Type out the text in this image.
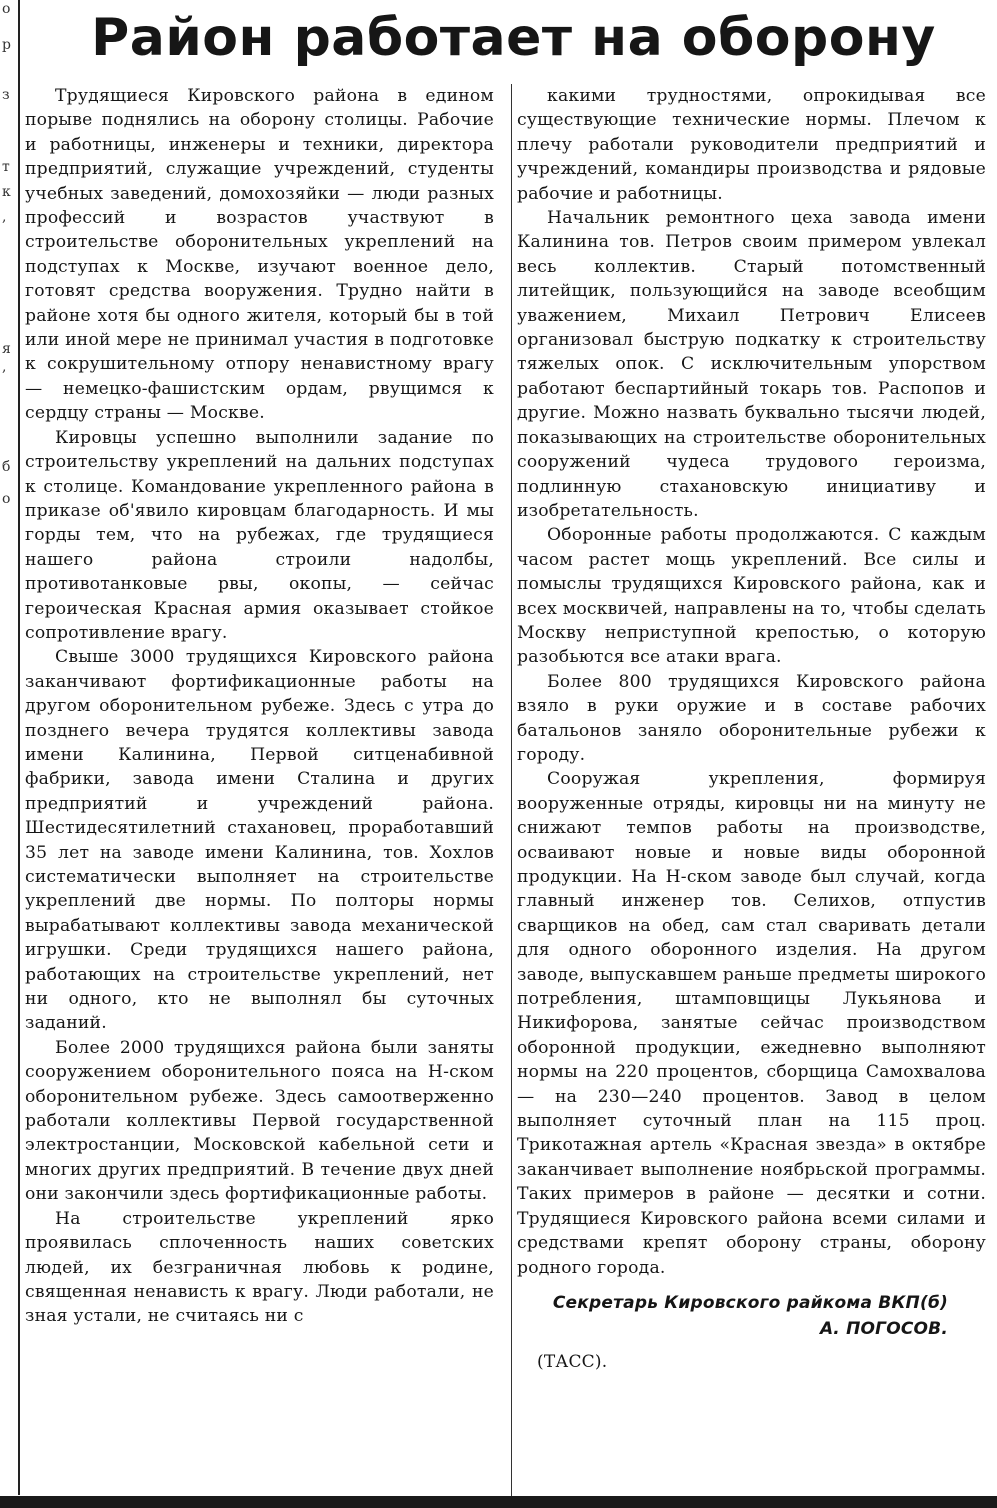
о
р
з
т
к
,
я
,
б
о
Район работает на оборону

Трудящиеся Кировского района в едином порыве поднялись на оборону столицы. Рабочие и работницы, инженеры и техники, директора предприятий, служащие учреждений, студенты учебных заведений, домохозяйки — люди разных профессий и возрастов участвуют в строительстве оборонительных укреплений на подступах к Москве, изучают военное дело, готовят средства вооружения. Трудно найти в районе хотя бы одного жителя, который бы в той или иной мере не принимал участия в подготовке к сокрушительному отпору ненавистному врагу — немецко-фашистским ордам, рвущимся к сердцу страны — Москве.

Кировцы успешно выполнили задание по строительству укреплений на дальних подступах к столице. Командование укрепленного района в приказе об'явило кировцам благодарность. И мы горды тем, что на рубежах, где трудящиеся нашего района строили надолбы, противотанковые рвы, окопы, — сейчас героическая Красная армия оказывает стойкое сопротивление врагу.

Свыше 3000 трудящихся Кировского района заканчивают фортификационные работы на другом оборонительном рубеже. Здесь с утра до позднего вечера трудятся коллективы завода имени Калинина, Первой ситценабивной фабрики, завода имени Сталина и других предприятий и учреждений района. Шестидесятилетний стахановец, проработавший 35 лет на заводе имени Калинина, тов. Хохлов систематически выполняет на строительстве укреплений две нормы. По полторы нормы вырабатывают коллективы завода механической игрушки. Среди трудящихся нашего района, работающих на строительстве укреплений, нет ни одного, кто не выполнял бы суточных заданий.

Более 2000 трудящихся района были заняты сооружением оборонительного пояса на Н-ском оборонительном рубеже. Здесь самоотверженно работали коллективы Первой государственной электростанции, Московской кабельной сети и многих других предприятий. В течение двух дней они закончили здесь фортификационные работы.

На строительстве укреплений ярко проявилась сплоченность наших советских людей, их безграничная любовь к родине, священная ненависть к врагу. Люди работали, не зная устали, не считаясь ни с

какими трудностями, опрокидывая все существующие технические нормы. Плечом к плечу работали руководители предприятий и учреждений, командиры производства и рядовые рабочие и работницы.

Начальник ремонтного цеха завода имени Калинина тов. Петров своим примером увлекал весь коллектив. Старый потомственный литейщик, пользующийся на заводе всеобщим уважением, Михаил Петрович Елисеев организовал быструю подкатку к строительству тяжелых опок. С исключительным упорством работают беспартийный токарь тов. Распопов и другие. Можно назвать буквально тысячи людей, показывающих на строительстве оборонительных сооружений чудеса трудового героизма, подлинную стахановскую инициативу и изобретательность.

Оборонные работы продолжаются. С каждым часом растет мощь укреплений. Все силы и помыслы трудящихся Кировского района, как и всех москвичей, направлены на то, чтобы сделать Москву неприступной крепостью, о которую разобьются все атаки врага.

Более 800 трудящихся Кировского района взяло в руки оружие и в составе рабочих батальонов заняло оборонительные рубежи к городу.

Сооружая укрепления, формируя вооруженные отряды, кировцы ни на минуту не снижают темпов работы на производстве, осваивают новые и новые виды оборонной продукции. На Н-ском заводе был случай, когда главный инженер тов. Селихов, отпустив сварщиков на обед, сам стал сваривать детали для одного оборонного изделия. На другом заводе, выпускавшем раньше предметы широкого потребления, штамповщицы Лукьянова и Никифорова, занятые сейчас производством оборонной продукции, ежедневно выполняют нормы на 220 процентов, сборщица Самохвалова — на 230—240 процентов. Завод в целом выполняет суточный план на 115 проц. Трикотажная артель «Красная звезда» в октябре заканчивает выполнение ноябрьской программы. Таких примеров в районе — десятки и сотни. Трудящиеся Кировского района всеми силами и средствами крепят оборону страны, оборону родного города.

Секретарь Кировского райкома ВКП(б)
А. ПОГОСОВ.
(ТАСС).
